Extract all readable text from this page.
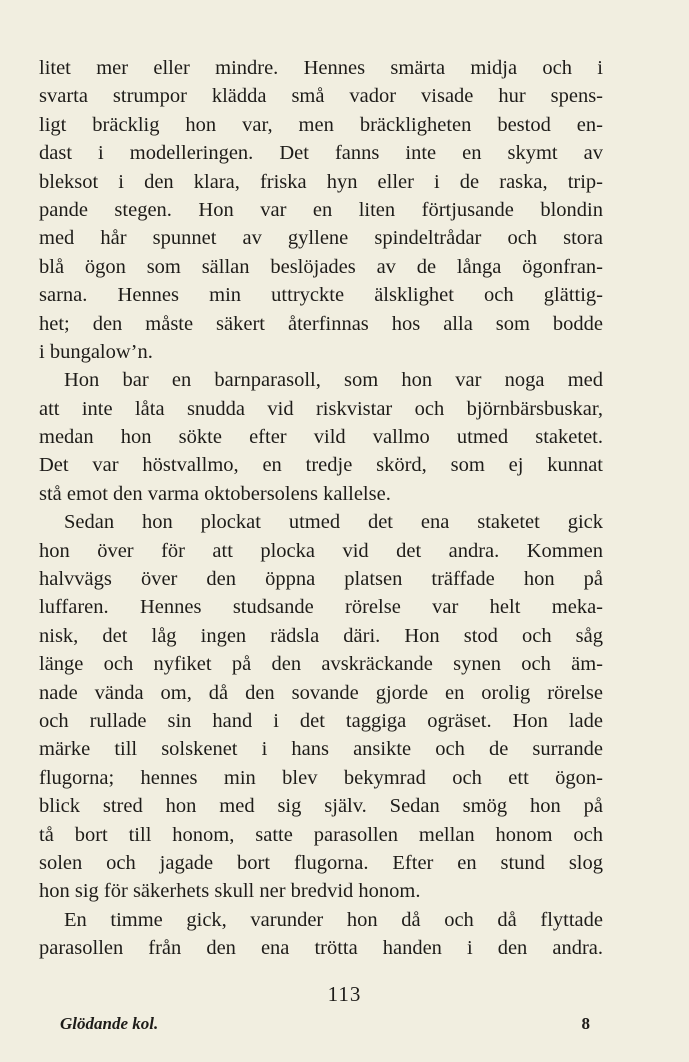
litet mer eller mindre. Hennes smärta midja och i
svarta strumpor klädda små vador visade hur spens-
ligt bräcklig hon var, men bräckligheten bestod en-
dast i modelleringen. Det fanns inte en skymt av
bleksot i den klara, friska hyn eller i de raska, trip-
pande stegen. Hon var en liten förtjusande blondin
med hår spunnet av gyllene spindeltrådar och stora
blå ögon som sällan beslöjades av de långa ögonfran-
sarna. Hennes min uttryckte älsklighet och glättig-
het; den måste säkert återfinnas hos alla som bodde
i bungalow’n.
Hon bar en barnparasoll, som hon var noga med
att inte låta snudda vid riskvistar och björnbärsbuskar,
medan hon sökte efter vild vallmo utmed staketet.
Det var höstvallmo, en tredje skörd, som ej kunnat
stå emot den varma oktobersolens kallelse.
Sedan hon plockat utmed det ena staketet gick
hon över för att plocka vid det andra. Kommen
halvvägs över den öppna platsen träffade hon på
luffaren. Hennes studsande rörelse var helt meka-
nisk, det låg ingen rädsla däri. Hon stod och såg
länge och nyfiket på den avskräckande synen och äm-
nade vända om, då den sovande gjorde en orolig rörelse
och rullade sin hand i det taggiga ogräset. Hon lade
märke till solskenet i hans ansikte och de surrande
flugorna; hennes min blev bekymrad och ett ögon-
blick stred hon med sig själv. Sedan smög hon på
tå bort till honom, satte parasollen mellan honom och
solen och jagade bort flugorna. Efter en stund slog
hon sig för säkerhets skull ner bredvid honom.
En timme gick, varunder hon då och då flyttade
parasollen från den ena trötta handen i den andra.
113
Glödande kol.	8
